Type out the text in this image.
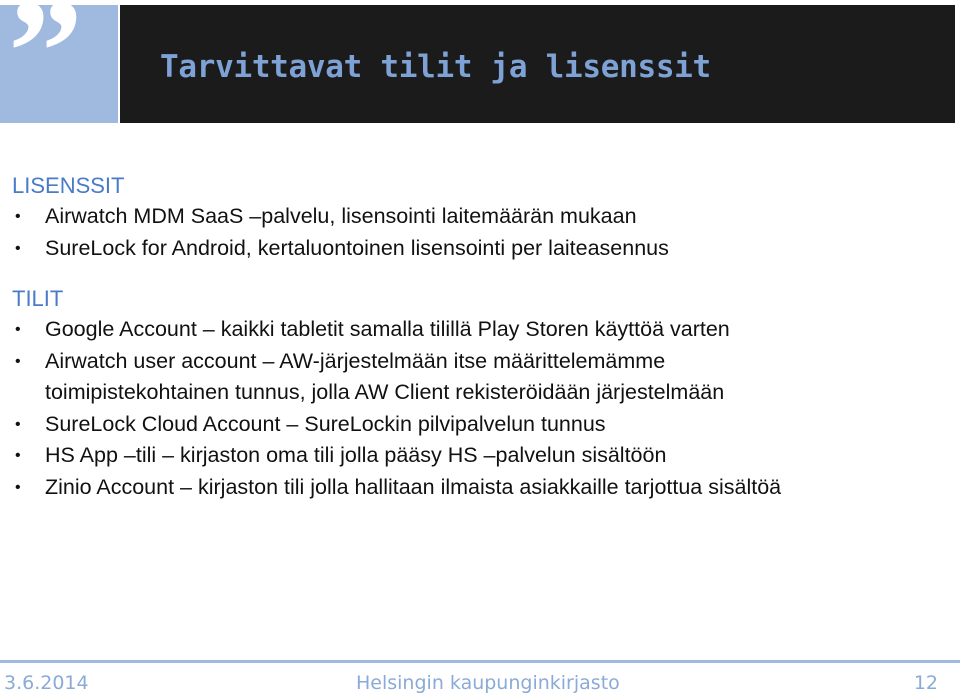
” Tarvittavat tilit ja lisenssit
LISENSSIT
• Airwatch MDM SaaS –palvelu, lisensointi laitemäärän mukaan
• SureLock for Android, kertaluontoinen lisensointi per laiteasennus
TILIT
• Google Account – kaikki tabletit samalla tilillä Play Storen käyttöä varten
• Airwatch user account – AW-järjestelmään itse määrittelemämme
toimipistekohtainen tunnus, jolla AW Client rekisteröidään järjestelmään
• SureLock Cloud Account – SureLockin pilvipalvelun tunnus
• HS App –tili – kirjaston oma tili jolla pääsy HS –palvelun sisältöön
• Zinio Account – kirjaston tili jolla hallitaan ilmaista asiakkaille tarjottua sisältöä
3.6.2014	Helsingin kaupunginkirjasto	12
